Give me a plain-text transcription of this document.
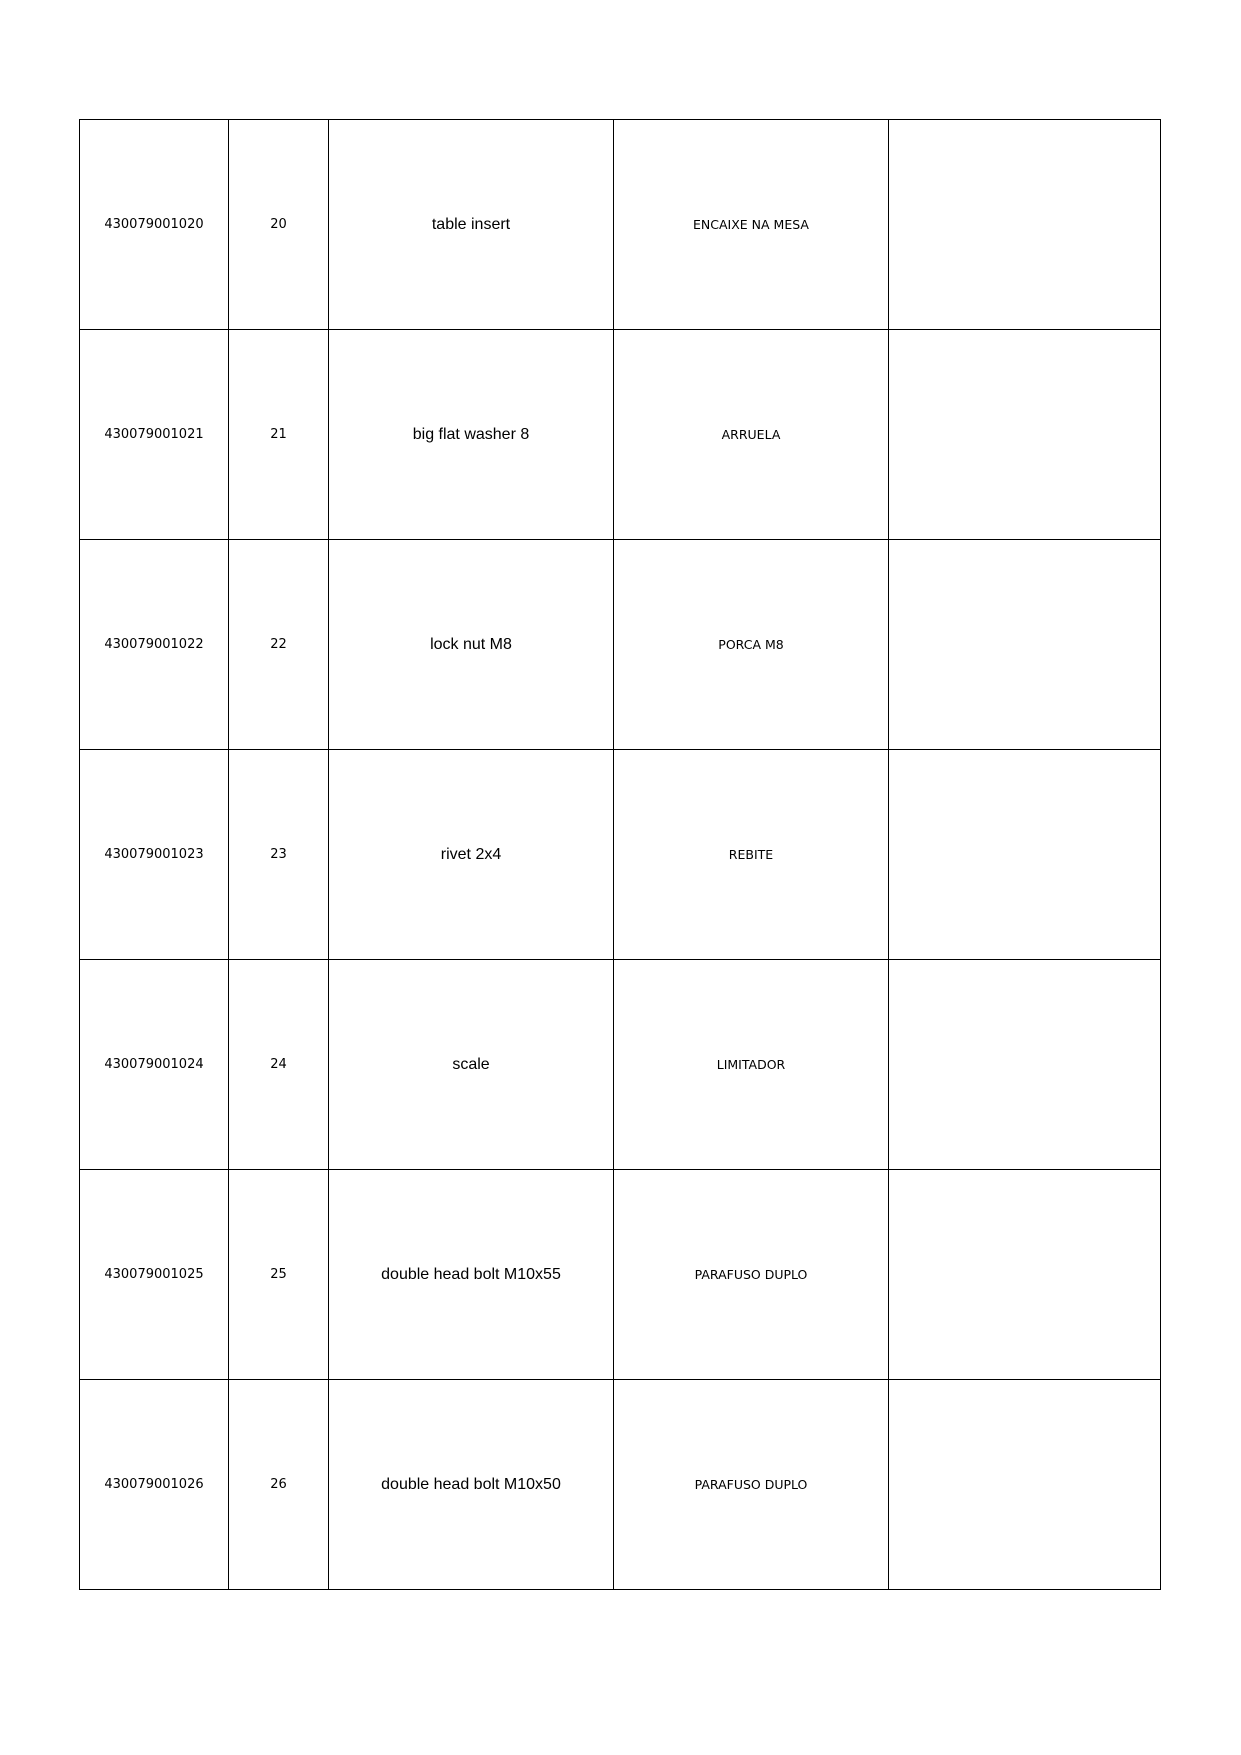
430079001020	20	table insert	ENCAIXE NA MESA	
430079001021	21	big flat washer 8	ARRUELA	
430079001022	22	lock nut M8	PORCA M8	
430079001023	23	rivet 2x4	REBITE	
430079001024	24	scale	LIMITADOR	
430079001025	25	double head bolt M10x55	PARAFUSO DUPLO	
430079001026	26	double head bolt M10x50	PARAFUSO DUPLO	
